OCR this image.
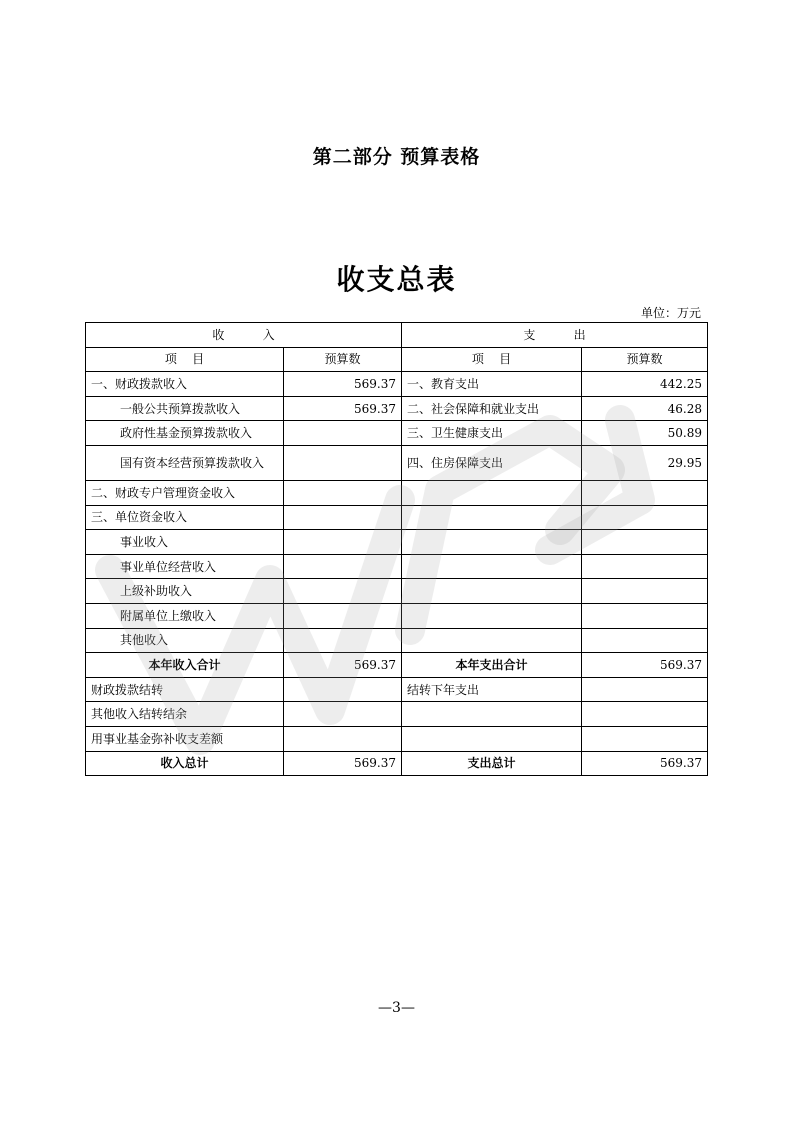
第二部分 预算表格
收支总表
单位：万元
收          入		支          出	
项    目	预算数	项    目	预算数
一、财政拨款收入	569.37	一、教育支出	442.25
一般公共预算拨款收入	569.37	二、社会保障和就业支出	46.28
政府性基金预算拨款收入		三、卫生健康支出	50.89
国有资本经营预算拨款收入		四、住房保障支出	29.95
二、财政专户管理资金收入			
三、单位资金收入			
事业收入			
事业单位经营收入			
上级补助收入			
附属单位上缴收入			
其他收入			
本年收入合计	569.37	本年支出合计	569.37
财政拨款结转		结转下年支出	
其他收入结转结余			
用事业基金弥补收支差额			
收入总计	569.37	支出总计	569.37
—3—
